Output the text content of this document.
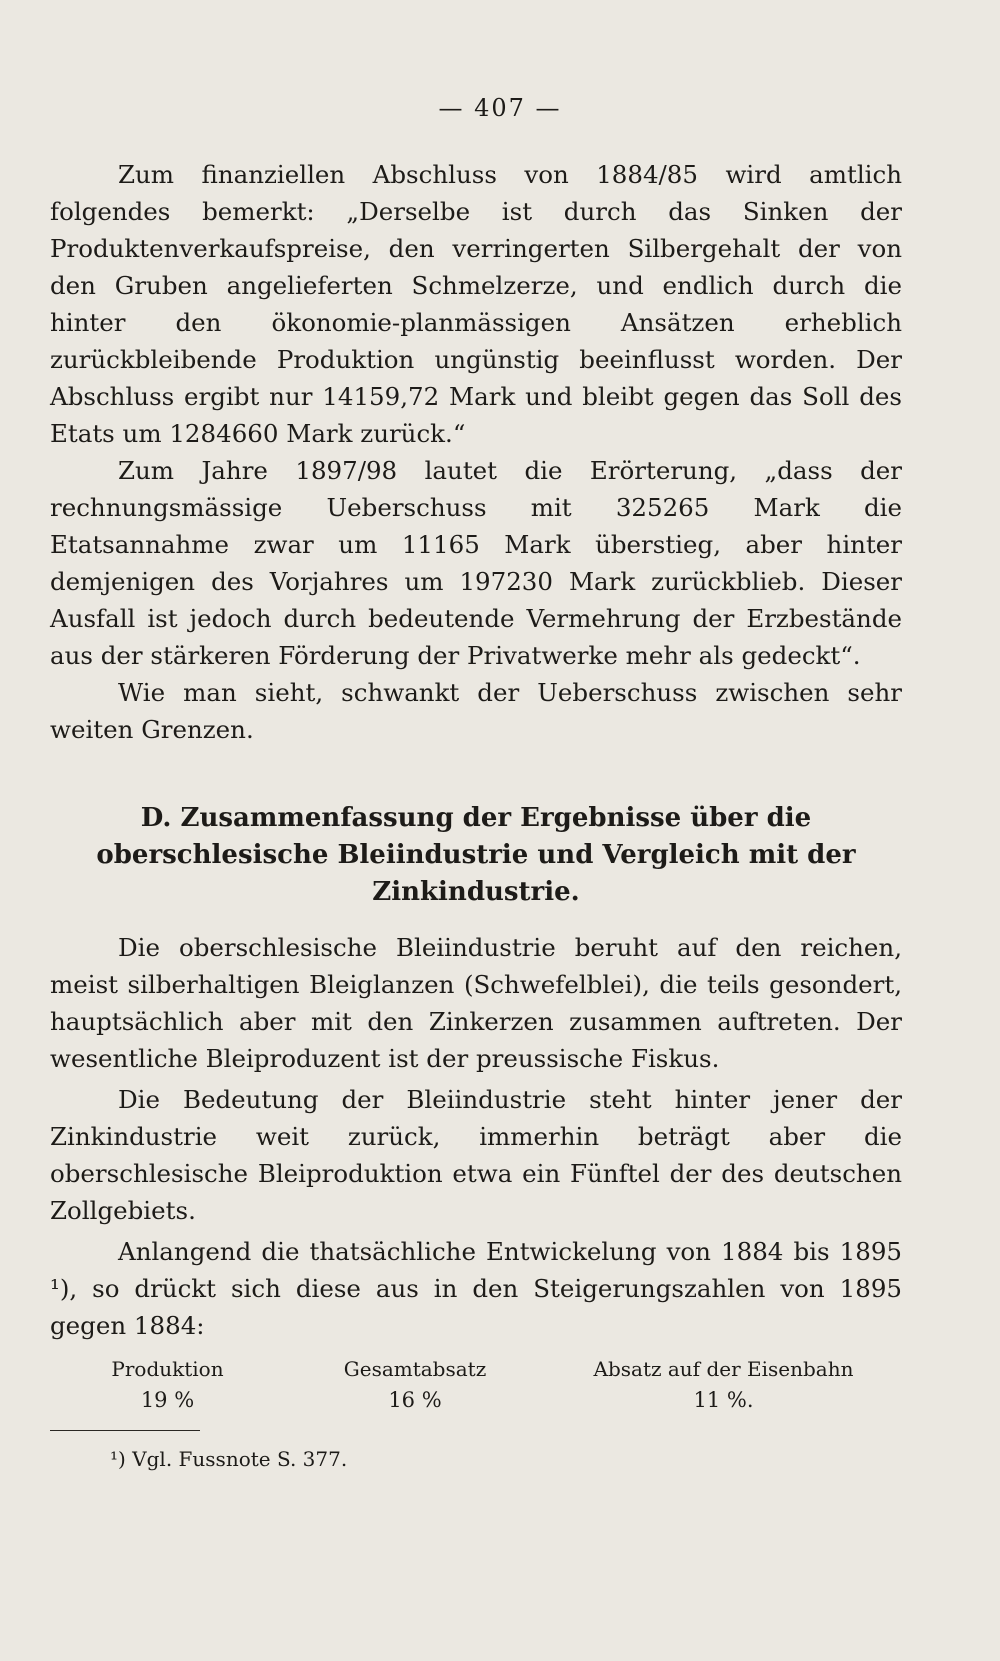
— 407 —

Zum finanziellen Abschluss von 1884/85 wird amtlich folgendes bemerkt: „Derselbe ist durch das Sinken der Produktenverkaufspreise, den verringerten Silbergehalt der von den Gruben angelieferten Schmelzerze, und endlich durch die hinter den ökonomie-planmässigen Ansätzen erheblich zurückbleibende Produktion ungünstig beeinflusst worden. Der Abschluss ergibt nur 14159,72 Mark und bleibt gegen das Soll des Etats um 1284660 Mark zurück.“

Zum Jahre 1897/98 lautet die Erörterung, „dass der rechnungsmässige Ueberschuss mit 325265 Mark die Etatsannahme zwar um 11165 Mark überstieg, aber hinter demjenigen des Vorjahres um 197230 Mark zurückblieb. Dieser Ausfall ist jedoch durch bedeutende Vermehrung der Erzbestände aus der stärkeren Förderung der Privatwerke mehr als gedeckt“.

Wie man sieht, schwankt der Ueberschuss zwischen sehr weiten Grenzen.

D. Zusammenfassung der Ergebnisse über die

oberschlesische Bleiindustrie und Vergleich mit der

Zinkindustrie.

Die oberschlesische Bleiindustrie beruht auf den reichen, meist silberhaltigen Bleiglanzen (Schwefelblei), die teils gesondert, hauptsächlich aber mit den Zinkerzen zusammen auftreten. Der wesentliche Bleiproduzent ist der preussische Fiskus.

Die Bedeutung der Bleiindustrie steht hinter jener der Zinkindustrie weit zurück, immerhin beträgt aber die oberschlesische Bleiproduktion etwa ein Fünftel der des deutschen Zollgebiets.

Anlangend die thatsächliche Entwickelung von 1884 bis 1895 ¹), so drückt sich diese aus in den Steigerungszahlen von 1895 gegen 1884:

Produktion
19 %
Gesamtabsatz
16 %
Absatz auf der Eisenbahn
11 %.
¹) Vgl. Fussnote S. 377.
